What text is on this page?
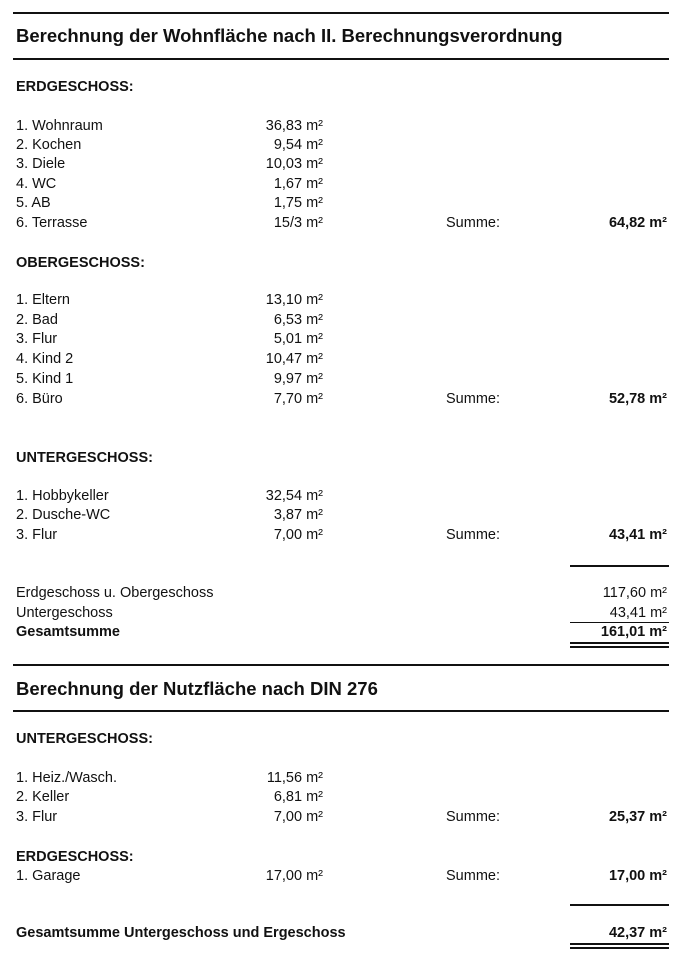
Berechnung der Wohnfläche nach II. Berechnungsverordnung
ERDGESCHOSS:
1. Wohnraum	36,83 m²
2. Kochen	9,54 m²
3. Diele	10,03 m²
4. WC	1,67 m²
5. AB	1,75 m²
6. Terrasse	15/3 m²	Summe:	64,82 m²
OBERGESCHOSS:
1. Eltern	13,10 m²
2. Bad	6,53 m²
3. Flur	5,01 m²
4. Kind 2	10,47 m²
5. Kind 1	9,97 m²
6. Büro	7,70 m²	Summe:	52,78 m²
UNTERGESCHOSS:
1. Hobbykeller	32,54 m²
2. Dusche-WC	3,87 m²
3. Flur	7,00 m²	Summe:	43,41 m²
Erdgeschoss u. Obergeschoss	117,60 m²
Untergeschoss	43,41 m²
Gesamtsumme	161,01 m²
Berechnung der Nutzfläche nach DIN 276
UNTERGESCHOSS:
1. Heiz./Wasch.	11,56 m²
2. Keller	6,81 m²
3. Flur	7,00 m²	Summe:	25,37 m²
ERDGESCHOSS:
1. Garage	17,00 m²	Summe:	17,00 m²
Gesamtsumme Untergeschoss und Ergeschoss	42,37 m²
